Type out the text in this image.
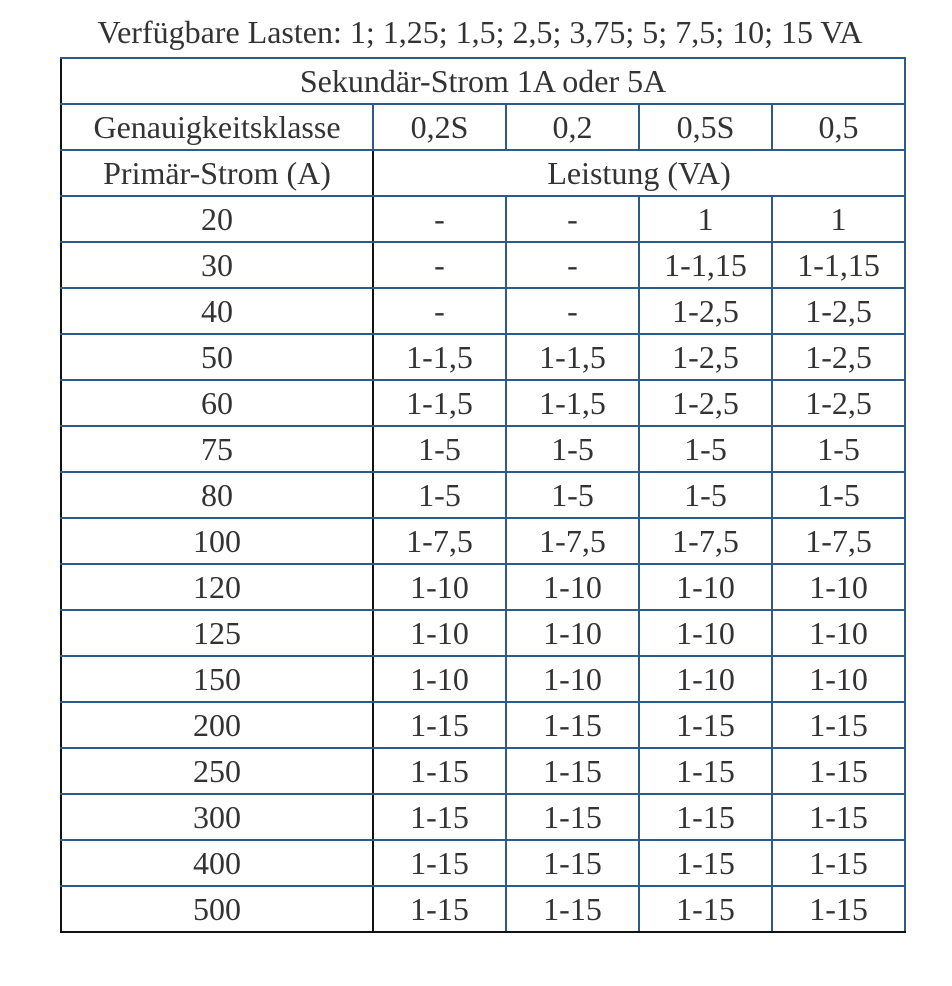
Verfügbare Lasten: 1; 1,25; 1,5; 2,5; 3,75; 5; 7,5; 10; 15 VA
Sekundär-Strom 1A oder 5A				
Genauigkeitsklasse	0,2S	0,2	0,5S	0,5
Primär-Strom (A)	Leistung (VA)			
20	-	-	1	1
30	-	-	1-1,15	1-1,15
40	-	-	1-2,5	1-2,5
50	1-1,5	1-1,5	1-2,5	1-2,5
60	1-1,5	1-1,5	1-2,5	1-2,5
75	1-5	1-5	1-5	1-5
80	1-5	1-5	1-5	1-5
100	1-7,5	1-7,5	1-7,5	1-7,5
120	1-10	1-10	1-10	1-10
125	1-10	1-10	1-10	1-10
150	1-10	1-10	1-10	1-10
200	1-15	1-15	1-15	1-15
250	1-15	1-15	1-15	1-15
300	1-15	1-15	1-15	1-15
400	1-15	1-15	1-15	1-15
500	1-15	1-15	1-15	1-15
